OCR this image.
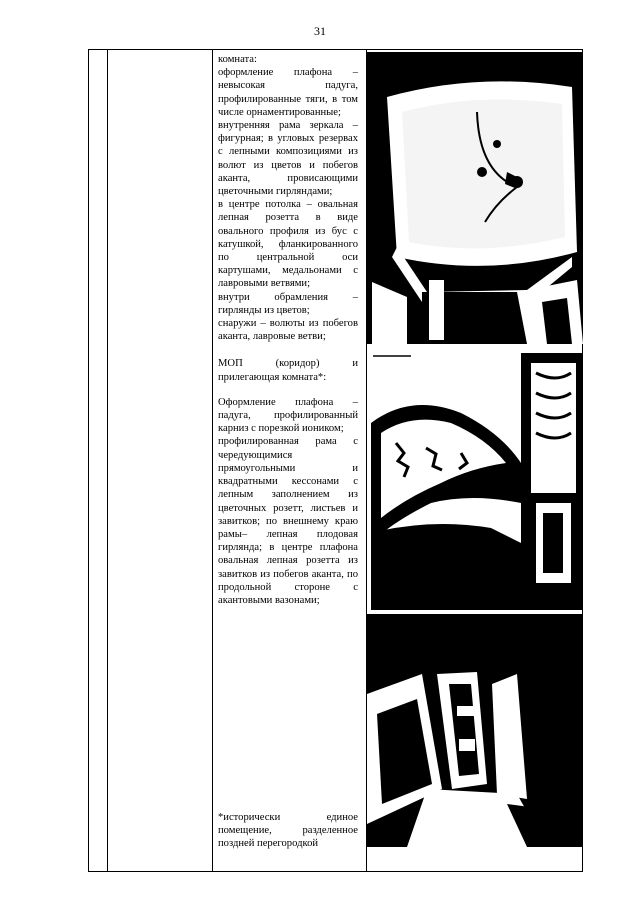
31

комната:

оформление плафона – невысокая падуга, профилированные тяги, в том числе орнаментированные;

внутренняя рама зеркала – фигурная; в угловых резервах с лепными композициями из волют из цветов и побегов аканта, провисающими цветочными гирляндами;

в центре потолка – овальная лепная розетта в виде овального профиля из бус с катушкой, фланкированного по центральной оси картушами, медальонами с лавровыми ветвями;

внутри обрамления – гирлянды из цветов;

снаружи – волюты из побегов аканта, лавровые ветви;

МОП (коридор) и прилегающая комната*:

Оформление плафона – падуга, профилированный карниз с порезкой иоником;

профилированная рама с чередующимися прямоугольными и квадратными кессонами с лепным заполнением из цветочных розетт, листьев и завитков; по внешнему краю рамы– лепная плодовая гирлянда; в центре плафона овальная лепная розетта из завитков из побегов аканта, по продольной стороне с акантовыми вазонами;

*исторически единое помещение, разделенное поздней перегородкой
